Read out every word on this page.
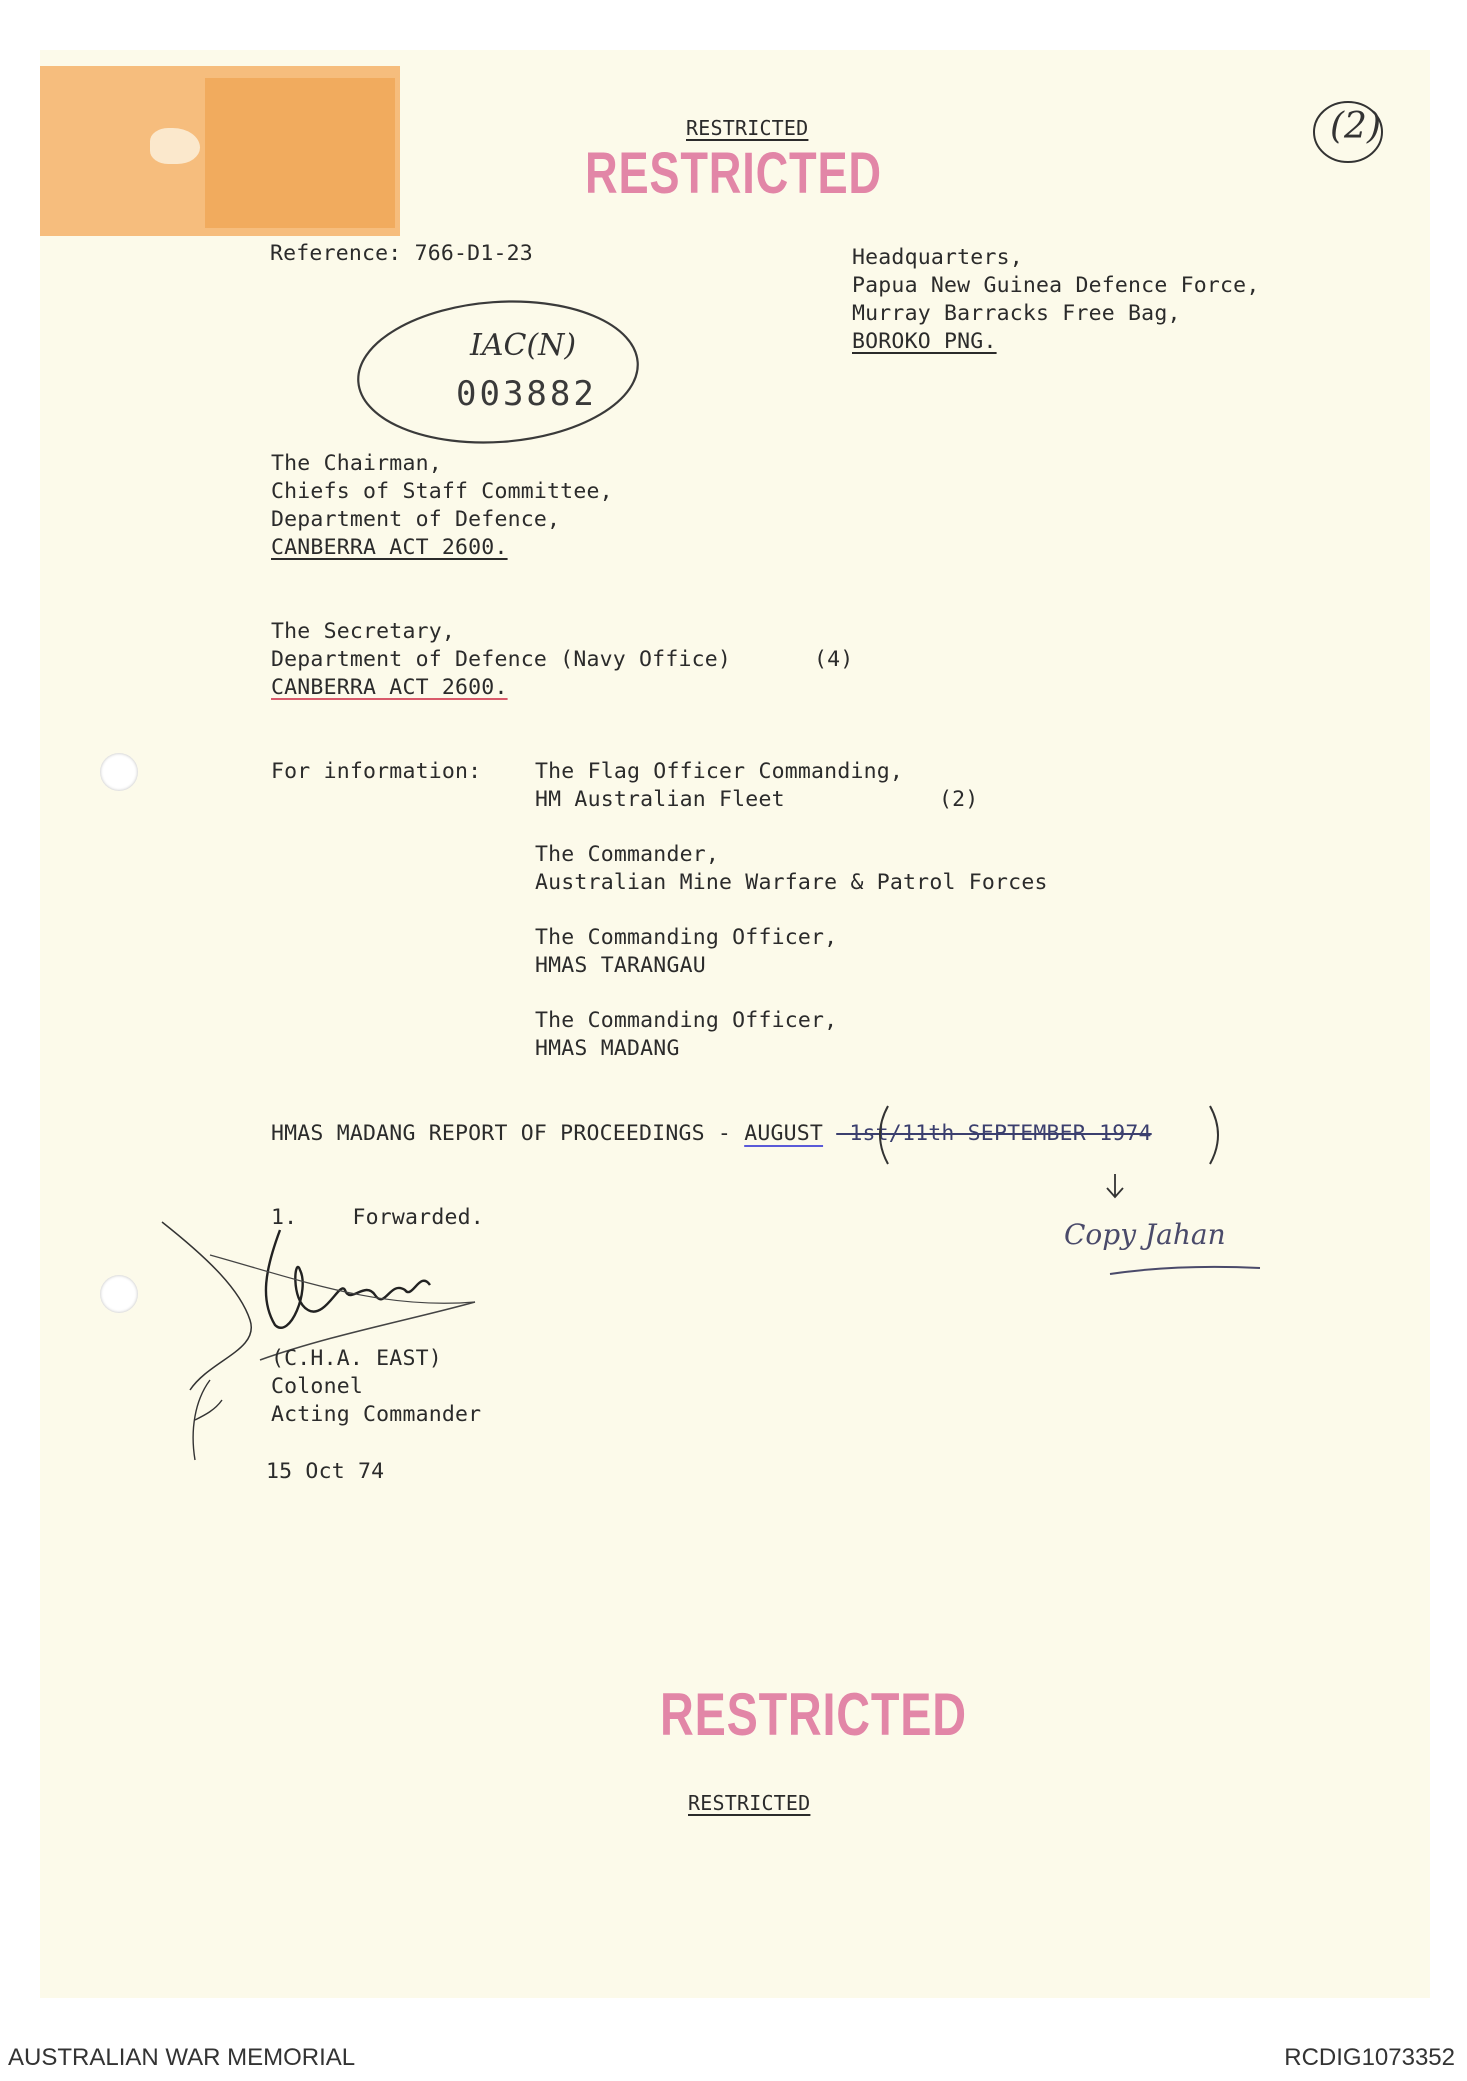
RESTRICTED
RESTRICTED
(2)
Reference: 766-D1-23	Headquarters,
Papua New Guinea Defence Force,
Murray Barracks Free Bag,
BOROKO PNG.
IAC(N)
003882
The Chairman,
Chiefs of Staff Committee,
Department of Defence,
CANBERRA ACT 2600.
The Secretary,
Department of Defence (Navy Office)
CANBERRA ACT 2600.
(4)
For information: The Flag Officer Commanding,
HM Australian Fleet	(2)
The Commander,
Australian Mine Warfare & Patrol Forces
The Commanding Officer,
HMAS TARANGAU
The Commanding Officer,
HMAS MADANG
HMAS MADANG REPORT OF PROCEEDINGS - AUGUST -1st/11th SEPTEMBER 1974
Copy Jahan
1.	Forwarded.
(C.H.A. EAST)
Colonel
Acting Commander
15 Oct 74
RESTRICTED
RESTRICTED
AUSTRALIAN WAR MEMORIAL	RCDIG1073352
